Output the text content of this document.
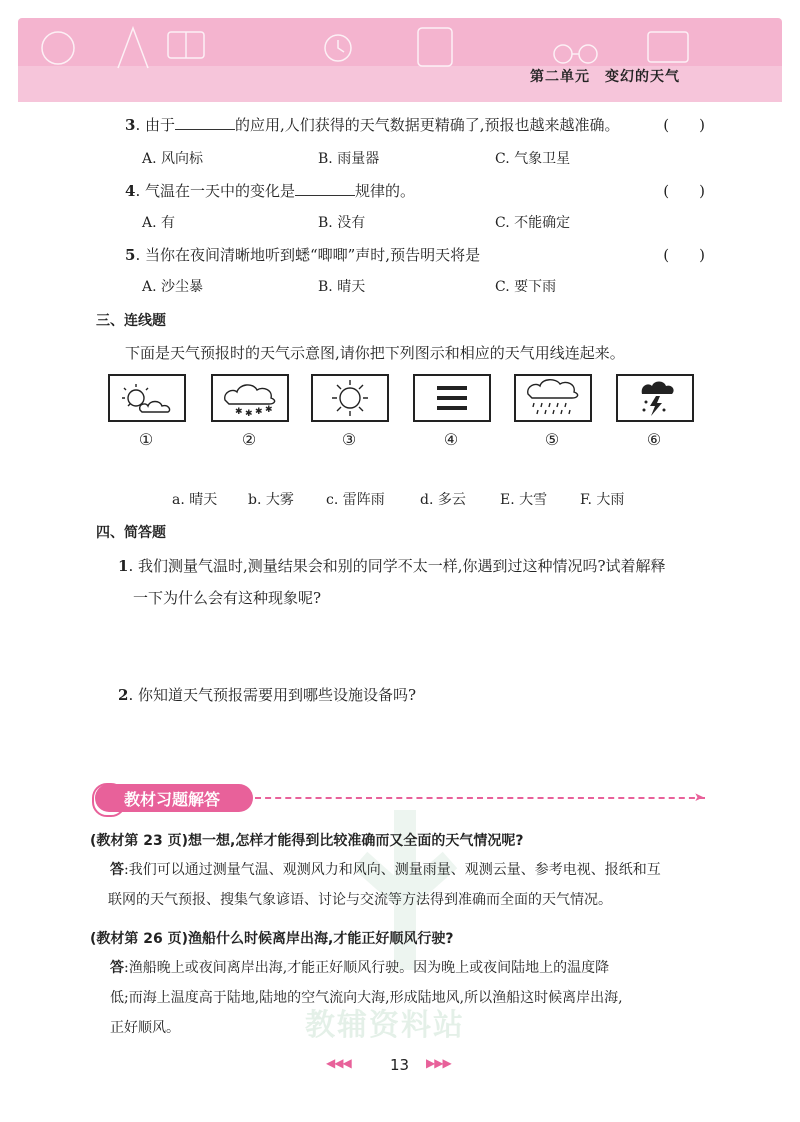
第二单元　变幻的天气
3. 由于	的应用,人们获得的天气数据更精确了,预报也越来越准确。	(　　)
A. 风向标	B. 雨量器	C. 气象卫星
4. 气温在一天中的变化是	规律的。	(　　)
A. 有	B. 没有	C. 不能确定
5. 当你在夜间清晰地听到蟋“唧唧”声时,预告明天将是	(　　)
A. 沙尘暴	B. 晴天	C. 要下雨
三、连线题
下面是天气预报时的天气示意图,请你把下列图示和相应的天气用线连起来。
✱ ✱ ✱ ✱
①	②	③	④	⑤	⑥
a. 晴天 b. 大雾 c. 雷阵雨	d. 多云 E. 大雪 F. 大雨
四、简答题
1. 我们测量气温时,测量结果会和别的同学不太一样,你遇到过这种情况吗?试着解释
一下为什么会有这种现象呢?
2. 你知道天气预报需要用到哪些设施设备吗?
教辅资料站
教材习题解答	➤
(教材第 23 页)想一想,怎样才能得到比较准确而又全面的天气情况呢?
答:我们可以通过测量气温、观测风力和风向、测量雨量、观测云量、参考电视、报纸和互
联网的天气预报、搜集气象谚语、讨论与交流等方法得到准确而全面的天气情况。
(教材第 26 页)渔船什么时候离岸出海,才能正好顺风行驶?
答:渔船晚上或夜间离岸出海,才能正好顺风行驶。因为晚上或夜间陆地上的温度降
低;而海上温度高于陆地,陆地的空气流向大海,形成陆地风,所以渔船这时候离岸出海,
正好顺风。
◀◀◀	13 ▶▶▶
